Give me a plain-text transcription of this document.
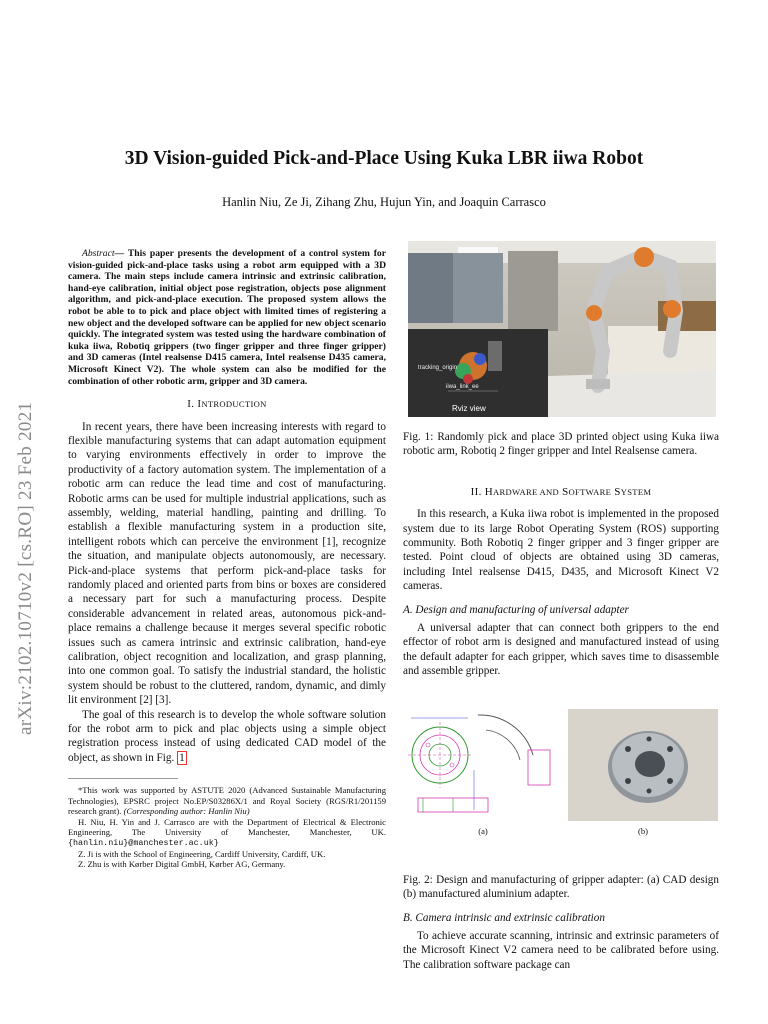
arXiv:2102.10710v2 [cs.RO] 23 Feb 2021
3D Vision-guided Pick-and-Place Using Kuka LBR iiwa Robot
Hanlin Niu, Ze Ji, Zihang Zhu, Hujun Yin, and Joaquin Carrasco
Abstract— This paper presents the development of a control system for vision-guided pick-and-place tasks using a robot arm equipped with a 3D camera. The main steps include camera intrinsic and extrinsic calibration, hand-eye calibration, initial object pose registration, objects pose alignment algorithm, and pick-and-place execution. The proposed system allows the robot be able to to pick and place object with limited times of registering a new object and the developed software can be applied for new object scenario quickly. The integrated system was tested using the hardware combination of kuka iiwa, Robotiq grippers (two finger gripper and three finger gripper) and 3D cameras (Intel realsense D415 camera, Intel realsense D435 camera, Microsoft Kinect V2). The whole system can also be modified for the combination of other robotic arm, gripper and 3D camera.
I. INTRODUCTION

In recent years, there have been increasing interests with regard to flexible manufacturing systems that can adapt automation equipment to varying environments effectively in order to improve the productivity of a factory automation system. The implementation of a robotic arm can reduce the lead time and cost of manufacturing. Robotic arms can be used for multiple industrial applications, such as assembly, welding, material handling, painting and drilling. To establish a flexible manufacturing system in a production site, intelligent robots which can perceive the environment [1], recognize the situation, and manipulate objects autonomously, are necessary. Pick-and-place systems that perform pick-and-place tasks for randomly placed and oriented parts from bins or boxes are considered a necessary part for such a manufacturing process. Despite considerable advancement in related areas, autonomous pick-and-place remains a challenge because it merges several specific robotic issues such as camera intrinsic and extrinsic calibration, hand-eye calibration, object recognition and localization, and grasp planning, into one common goal. To satisfy the industrial standard, the holistic system should be robust to the cluttered, random, dynamic, and dimly lit environment [2] [3].

The goal of this research is to develop the whole software solution for the robot arm to pick and plac objects using a simple object registration process instead of using dedicated CAD model of the object, as shown in Fig. 1

*This work was supported by ASTUTE 2020 (Advanced Sustainable Manufacturing Technologies), EPSRC project No.EP/S03286X/1 and Royal Society (RGS/R1/201159 research grant). (Corresponding author: Hanlin Niu)

H. Niu, H. Yin and J. Carrasco are with the Department of Electrical & Electronic Engineering, The University of Manchester, Manchester, UK. {hanlin.niu}@manchester.ac.uk}

Z. Ji is with the School of Engineering, Cardiff University, Cardiff, UK.

Z. Zhu is with Kørber Digital GmbH, Kørber AG, Germany.

tracking_origin
iiwa_link_ee
Rviz view
Fig. 1: Randomly pick and place 3D printed object using Kuka iiwa robotic arm, Robotiq 2 finger gripper and Intel Realsense camera.
II. HARDWARE AND SOFTWARE SYSTEM

In this research, a Kuka iiwa robot is implemented in the proposed system due to its large Robot Operating System (ROS) supporting community. Both Robotiq 2 finger gripper and 3 finger gripper are tested. Point cloud of objects are obtained using 3D cameras, including Intel realsense D415, D435, and Microsoft Kinect V2 cameras.

A. Design and manufacturing of universal adapter

A universal adapter that can connect both grippers to the end effector of robot arm is designed and manufactured instead of using the default adapter for each gripper, which saves time to disassemble and assemble gripper.

Fig. 2: Design and manufacturing of gripper adapter: (a) CAD design (b) manufactured aluminium adapter.
B. Camera intrinsic and extrinsic calibration

To achieve accurate scanning, intrinsic and extrinsic parameters of the Microsoft Kinect V2 camera need to be calibrated before using. The calibration software package can

(a)	(b)
